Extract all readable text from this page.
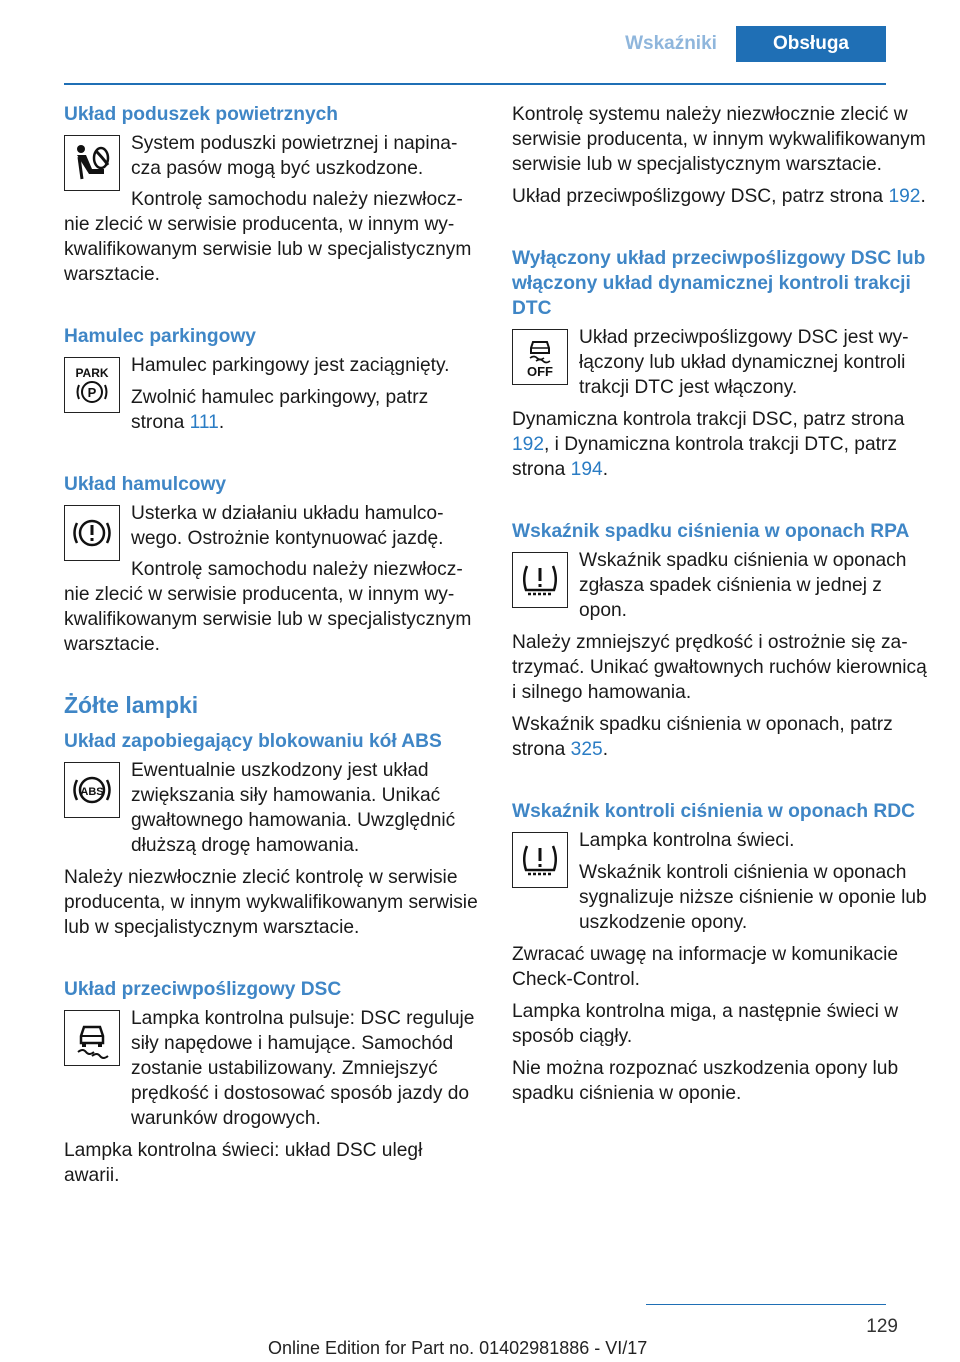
Wskaźniki	Obsługa
Układ poduszek powietrznych

System poduszki powietrznej i napinacza pasów mogą być uszkodzone.

Kontrolę samochodu należy niezwłocznie zlecić w serwisie producenta, w innym wykwalifikowanym serwisie lub w specjalistycznym warsztacie.

Hamulec parkingowy
PARK
P

Hamulec parkingowy jest zaciągnięty.

Zwolnić hamulec parkingowy, patrz strona 111.

Układ hamulcowy

Usterka w działaniu układu hamulcowego. Ostrożnie kontynuować jazdę.

Kontrolę samochodu należy niezwłocznie zlecić w serwisie producenta, w innym wykwalifikowanym serwisie lub w specjalistycznym warsztacie.

Żółte lampki
Układ zapobiegający blokowaniu kół ABS
ABS

Ewentualnie uszkodzony jest układ zwiększania siły hamowania. Unikać gwałtownego hamowania. Uwzględnić dłuższą drogę hamowania.

Należy niezwłocznie zlecić kontrolę w serwisie producenta, w innym wykwalifikowanym serwisie lub w specjalistycznym warsztacie.

Układ przeciwpoślizgowy DSC

Lampka kontrolna pulsuje: DSC reguluje siły napędowe i hamujące. Samochód zostanie ustabilizowany. Zmniejszyć prędkość i dostosować sposób jazdy do warunków drogowych.

Lampka kontrolna świeci: układ DSC uległ awarii.

Kontrolę systemu należy niezwłocznie zlecić w serwisie producenta, w innym wykwalifikowanym serwisie lub w specjalistycznym warsztacie.

Układ przeciwpoślizgowy DSC, patrz strona 192.

Wyłączony układ przeciwpoślizgowy DSC lub włączony układ dynamicznej kontroli trakcji DTC
OFF

Układ przeciwpoślizgowy DSC jest wyłączony lub układ dynamicznej kontroli trakcji DTC jest włączony.

Dynamiczna kontrola trakcji DSC, patrz strona 192, i Dynamiczna kontrola trakcji DTC, patrz strona 194.

Wskaźnik spadku ciśnienia w oponach RPA

Wskaźnik spadku ciśnienia w oponach zgłasza spadek ciśnienia w jednej z opon.

Należy zmniejszyć prędkość i ostrożnie się zatrzymać. Unikać gwałtownych ruchów kierownicą i silnego hamowania.

Wskaźnik spadku ciśnienia w oponach, patrz strona 325.

Wskaźnik kontroli ciśnienia w oponach RDC

Lampka kontrolna świeci.

Wskaźnik kontroli ciśnienia w oponach sygnalizuje niższe ciśnienie w oponie lub uszkodzenie opony.

Zwracać uwagę na informacje w komunikacie Check-Control.

Lampka kontrolna miga, a następnie świeci w sposób ciągły.

Nie można rozpoznać uszkodzenia opony lub spadku ciśnienia w oponie.

129
Online Edition for Part no. 01402981886 - VI/17
